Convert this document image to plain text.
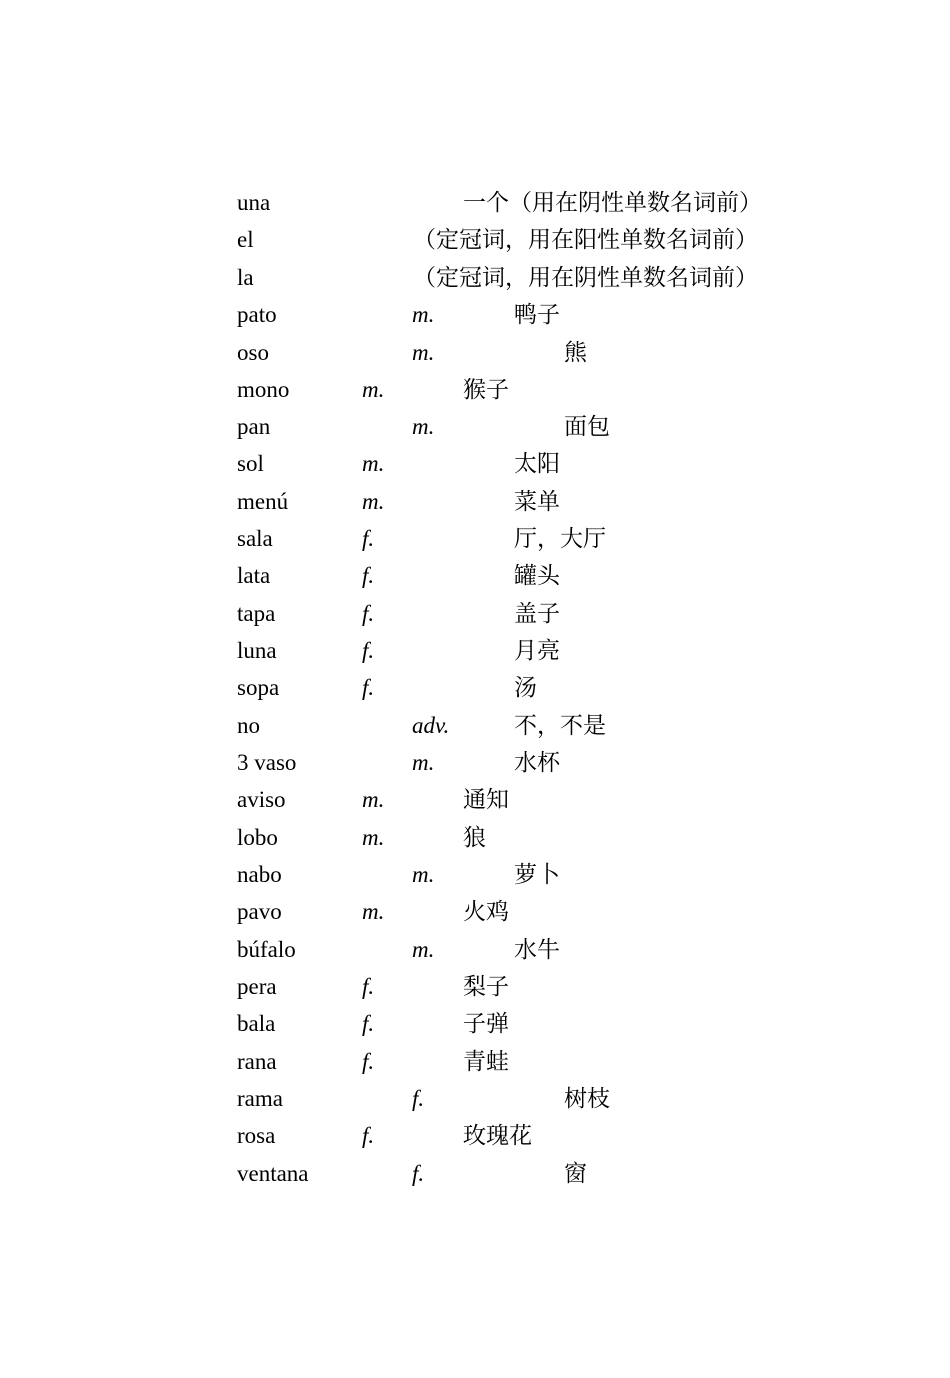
una	一个（用在阴性单数名词前）
el	（定冠词，用在阳性单数名词前）
la	（定冠词，用在阴性单数名词前）
pato	m.	鸭子
oso	m.	熊
mono	m.	猴子
pan	m.	面包
sol	m.	太阳
menú	m.	菜单
sala	f.	厅，大厅
lata	f.	罐头
tapa	f.	盖子
luna	f.	月亮
sopa	f.	汤
no	adv.	不，不是
3 vaso	m.	水杯
aviso	m.	通知
lobo	m.	狼
nabo	m.	萝卜
pavo	m.	火鸡
búfalo	m.	水牛
pera	f.	梨子
bala	f.	子弹
rana	f.	青蛙
rama	f.	树枝
rosa	f.	玫瑰花
ventana	f.	窗
